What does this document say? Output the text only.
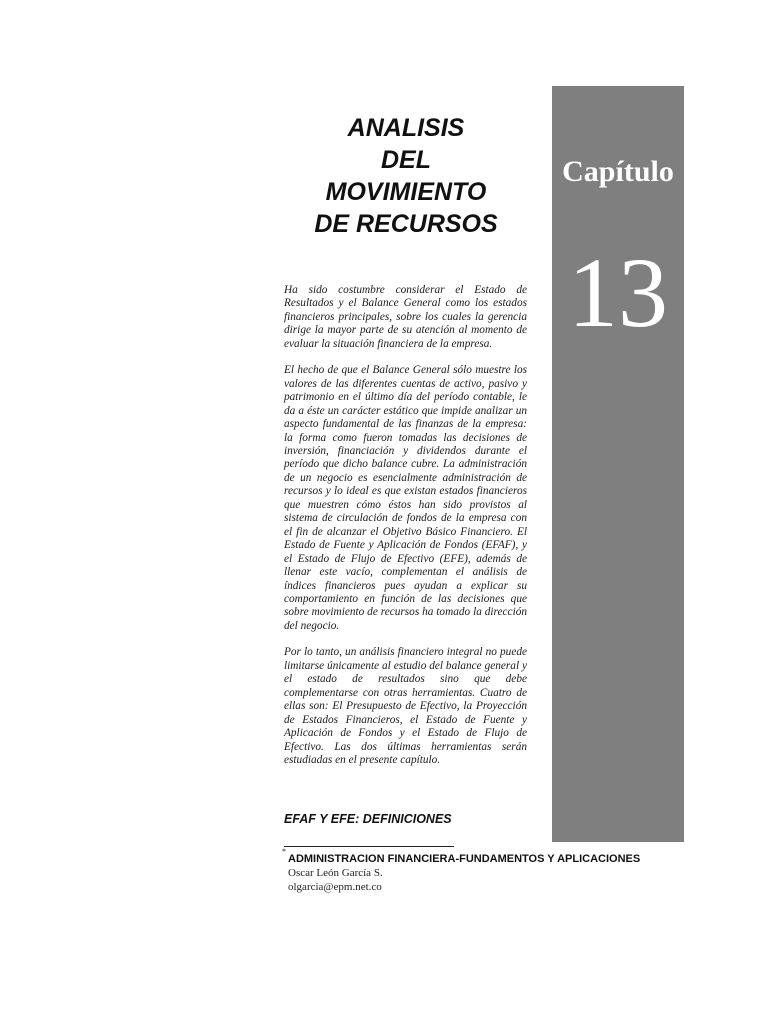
ANALISIS
DEL
MOVIMIENTO
DE RECURSOS
Capítulo
13

Ha sido costumbre considerar el Estado de Resultados y el Balance General como los estados financieros principales, sobre los cuales la gerencia dirige la mayor parte de su atención al momento de evaluar la situación financiera de la empresa.

El hecho de que el Balance General sólo muestre los valores de las diferentes cuentas de activo, pasivo y patrimonio en el último día del período contable, le da a éste un carácter estático que impide analizar un aspecto fundamental de las finanzas de la empresa: la forma como fueron tomadas las decisiones de inversión, financiación y dividendos durante el período que dicho balance cubre. La administración de un negocio es esencialmente administración de recursos y lo ideal es que existan estados financieros que muestren cómo éstos han sido provistos al sistema de circulación de fondos de la empresa con el fin de alcanzar el Objetivo Básico Financiero. El Estado de Fuente y Aplicación de Fondos (EFAF), y el Estado de Flujo de Efectivo (EFE), además de llenar este vacío, complementan el análisis de índices financieros pues ayudan a explicar su comportamiento en función de las decisiones que sobre movimiento de recursos ha tomado la dirección del negocio.

Por lo tanto, un análisis financiero integral no puede limitarse únicamente al estudio del balance general y el estado de resultados sino que debe complementarse con otras herramientas. Cuatro de ellas son: El Presupuesto de Efectivo, la Proyección de Estados Financieros, el Estado de Fuente y Aplicación de Fondos y el Estado de Flujo de Efectivo. Las dos últimas herramientas serán estudiadas en el presente capítulo.

EFAF Y EFE: DEFINICIONES
*
ADMINISTRACION FINANCIERA-FUNDAMENTOS Y APLICACIONES
Oscar León García S.
olgarcia@epm.net.co
